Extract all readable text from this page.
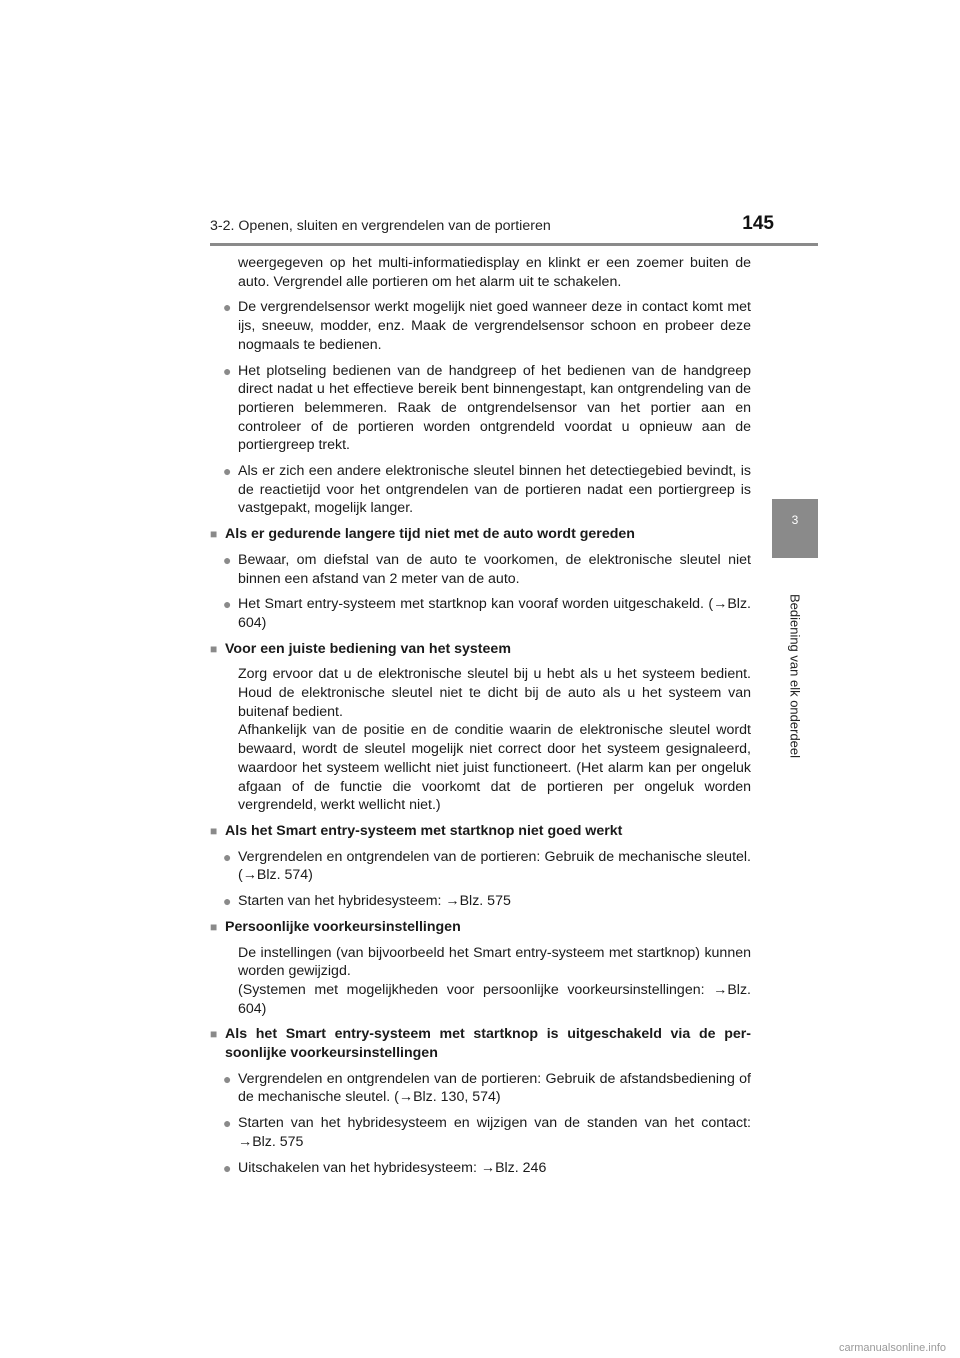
3-2. Openen, sluiten en vergrendelen van de portieren	145
3
Bediening van elk onderdeel
weergegeven op het multi-informatiedisplay en klinkt er een zoemer buiten de auto. Vergrendel alle portieren om het alarm uit te schakelen.
● De vergrendelsensor werkt mogelijk niet goed wanneer deze in contact komt met ijs, sneeuw, modder, enz. Maak de vergrendelsensor schoon en probeer deze nogmaals te bedienen.
● Het plotseling bedienen van de handgreep of het bedienen van de handgreep direct nadat u het effectieve bereik bent binnengestapt, kan ontgrendeling van de portieren belemmeren. Raak de ontgrendelsensor van het portier aan en controleer of de portieren worden ontgrendeld voordat u opnieuw aan de portiergreep trekt.
● Als er zich een andere elektronische sleutel binnen het detectiegebied bevindt, is de reactietijd voor het ontgrendelen van de portieren nadat een portiergreep is vastgepakt, mogelijk langer.
■ Als er gedurende langere tijd niet met de auto wordt gereden
● Bewaar, om diefstal van de auto te voorkomen, de elektronische sleutel niet binnen een afstand van 2 meter van de auto.
● Het Smart entry-systeem met startknop kan vooraf worden uitgeschakeld. (→Blz. 604)
■ Voor een juiste bediening van het systeem
Zorg ervoor dat u de elektronische sleutel bij u hebt als u het systeem bedient. Houd de elektronische sleutel niet te dicht bij de auto als u het systeem van buitenaf bedient.
Afhankelijk van de positie en de conditie waarin de elektronische sleutel wordt bewaard, wordt de sleutel mogelijk niet correct door het systeem gesignaleerd, waardoor het systeem wellicht niet juist functioneert. (Het alarm kan per ongeluk afgaan of de functie die voorkomt dat de portieren per ongeluk worden vergrendeld, werkt wellicht niet.)
■ Als het Smart entry-systeem met startknop niet goed werkt
● Vergrendelen en ontgrendelen van de portieren: Gebruik de mechanische sleutel. (→Blz. 574)
● Starten van het hybridesysteem: →Blz. 575
■ Persoonlijke voorkeursinstellingen
De instellingen (van bijvoorbeeld het Smart entry-systeem met startknop) kunnen worden gewijzigd.
(Systemen met mogelijkheden voor persoonlijke voorkeursinstellingen: →Blz. 604)
■ Als het Smart entry-systeem met startknop is uitgeschakeld via de persoonlijke voorkeursinstellingen
● Vergrendelen en ontgrendelen van de portieren: Gebruik de afstandsbediening of de mechanische sleutel. (→Blz. 130, 574)
● Starten van het hybridesysteem en wijzigen van de standen van het contact: →Blz. 575
● Uitschakelen van het hybridesysteem: →Blz. 246
carmanualsonline.info
